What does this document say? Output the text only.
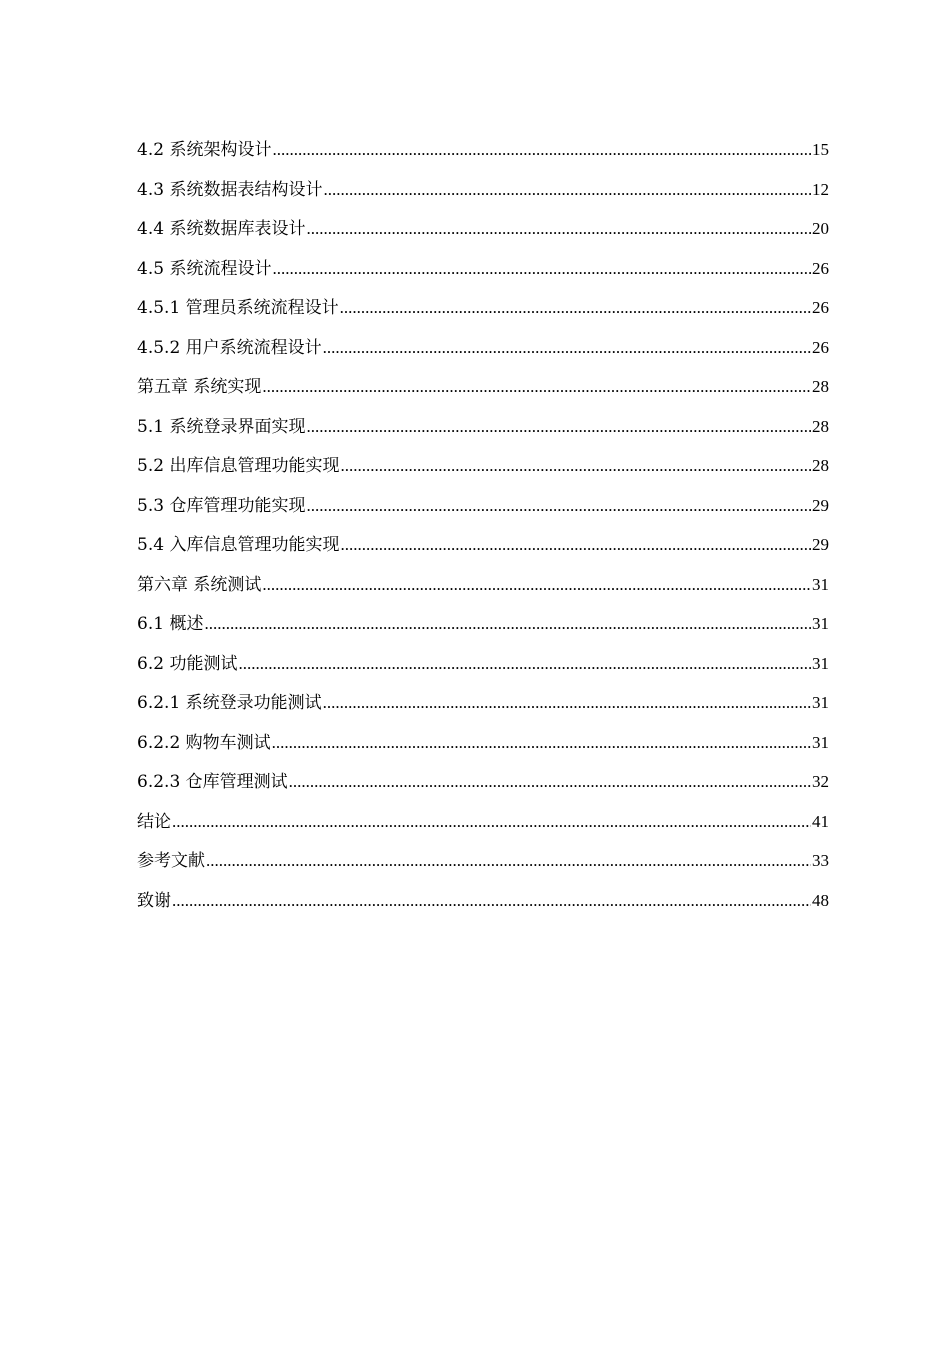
4.2 系统架构设计 .....	15
4.3 系统数据表结构设计 .....	12
4.4 系统数据库表设计 .....	20
4.5 系统流程设计 .....	26
4.5.1 管理员系统流程设计 .....	26
4.5.2 用户系统流程设计 .....	26
第五章 系统实现 .....	28
5.1 系统登录界面实现 .....	28
5.2 出库信息管理功能实现 .....	28
5.3 仓库管理功能实现 .....	29
5.4 入库信息管理功能实现 .....	29
第六章 系统测试 .....	31
6.1 概述 .....	31
6.2 功能测试 .....	31
6.2.1 系统登录功能测试 .....	31
6.2.2 购物车测试 .....	31
6.2.3 仓库管理测试 .....	32
结论 .....	41
参考文献 .....	33
致谢 .....	48
